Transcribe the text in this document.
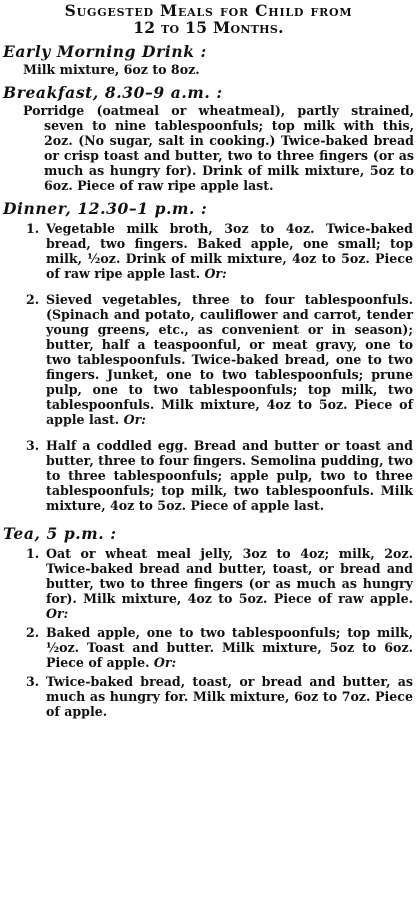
Suggested Meals for Child from
12 to 15 Months.
Early Morning Drink :

Milk mixture, 6oz to 8oz.

Breakfast, 8.30–9 a.m. :

Porridge (oatmeal or wheatmeal), partly strained, seven to nine tablespoonfuls; top milk with this, 2oz. (No sugar, salt in cooking.) Twice-baked bread or crisp toast and butter, two to three fingers (or as much as hungry for). Drink of milk mixture, 5oz to 6oz. Piece of raw ripe apple last.

Dinner, 12.30–1 p.m. :
1. Vegetable milk broth, 3oz to 4oz. Twice-baked bread, two fingers. Baked apple, one small; top milk, ½oz. Drink of milk mixture, 4oz to 5oz. Piece of raw ripe apple last. Or:
2. Sieved vegetables, three to four tablespoonfuls. (Spinach and potato, cauliflower and carrot, tender young greens, etc., as convenient or in season); butter, half a teaspoonful, or meat gravy, one to two tablespoonfuls. Twice-baked bread, one to two fingers. Junket, one to two tablespoonfuls; prune pulp, one to two tablespoonfuls; top milk, two tablespoonfuls. Milk mixture, 4oz to 5oz. Piece of apple last. Or:
3. Half a coddled egg. Bread and butter or toast and butter, three to four fingers. Semolina pudding, two to three tablespoonfuls; apple pulp, two to three tablespoonfuls; top milk, two tablespoonfuls. Milk mixture, 4oz to 5oz. Piece of apple last.
Tea, 5 p.m. :
1. Oat or wheat meal jelly, 3oz to 4oz; milk, 2oz. Twice-baked bread and butter, toast, or bread and butter, two to three fingers (or as much as hungry for). Milk mixture, 4oz to 5oz. Piece of raw apple. Or:
2. Baked apple, one to two tablespoonfuls; top milk, ½oz. Toast and butter. Milk mixture, 5oz to 6oz. Piece of apple. Or:
3. Twice-baked bread, toast, or bread and butter, as much as hungry for. Milk mixture, 6oz to 7oz. Piece of apple.
